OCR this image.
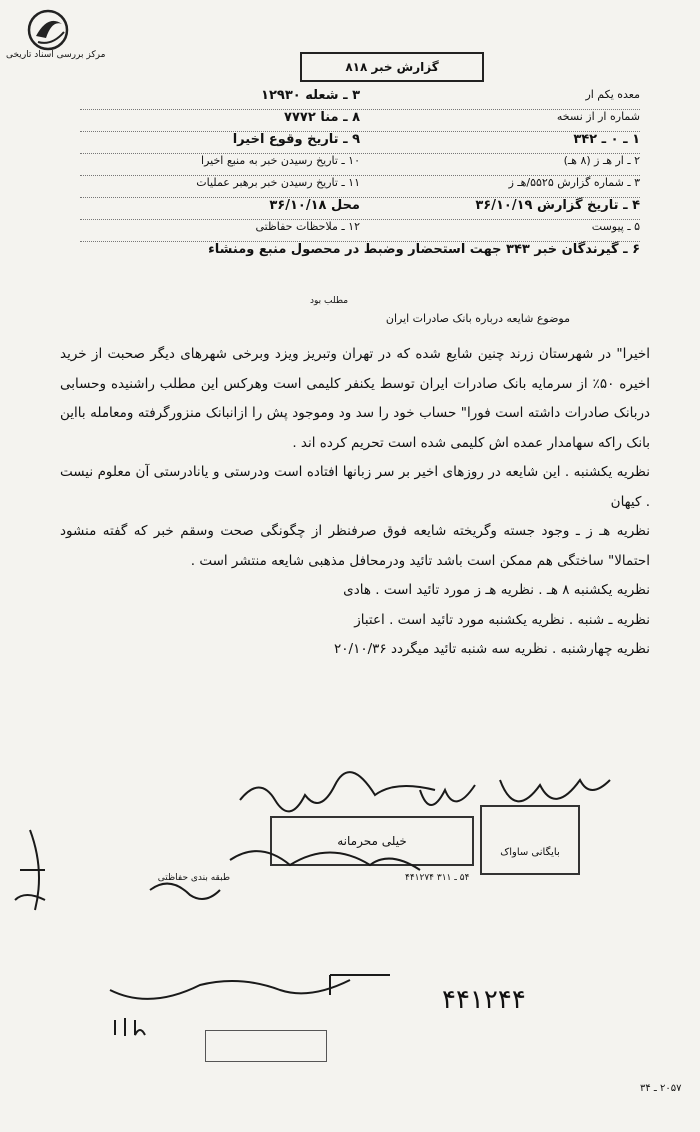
مرکز بررسی اسناد تاریخی
گزارش خبر ۸۱۸
معده یکم ار
۳ ـ شعله ۱۲۹۳۰
شماره ار از نسخه
۸ ـ منا ۷۷۷۲
۱ ـ ۰ ـ ۳۴۲
۹ ـ تاریخ وقوع اخیرا
۲ ـ ار هـ ز (۸ هـ)
۱۰ ـ تاریخ رسیدن خبر به منبع اخیرا
۳ ـ شماره گزارش ۵۵۲۵/هـ ز
۱۱ ـ تاریخ رسیدن خبر برهبر عملیات
۴ ـ تاریخ گزارش ۳۶/۱۰/۱۹
محل ۳۶/۱۰/۱۸
۵ ـ پیوست
۱۲ ـ ملاحظات حفاظتی
۶ ـ گیرندگان خبر ۳۴۳ جهت استحضار وضبط در محصول منبع ومنشاء
مطلب بود
موضوع شایعه درباره بانک صادرات ایران
اخیرا" در شهرستان زرند چنین شایع شده که در تهران وتبریز ویزد وبرخی شهرهای دیگر صحبت از خرید اخیره ۵۰٪ از سرمایه بانک صادرات ایران توسط یکنفر کلیمی است وهرکس این مطلب راشنیده وحسابی دربانک صادرات داشته است فورا" حساب خود را سد ود وموجود پش را ازانبانک منزورگرفته ومعامله بااین بانک راکه سهامدار عمده اش کلیمی شده است تحریم کرده اند .
نظریه یکشنبه . این شایعه در روزهای اخیر بر سر زبانها افتاده است ودرستی و یانادرستی آن معلوم نیست . کیهان
نظریه هـ ز ـ وجود جسته وگریخته شایعه فوق صرفنظر از چگونگی صحت وسقم خبر که گفته منشود احتمالا" ساختگی هم ممکن است باشد تائید ودرمحافل مذهبی شایعه منتشر است .
نظریه یکشنبه ۸ هـ . نظریه هـ ز مورد تائید است . هادی
نظریه ـ شنبه . نظریه یکشنبه مورد تائید است . اعتباز
نظریه چهارشنبه . نظریه سه شنبه تائید میگردد ۲۰/۱۰/۳۶
خیلی محرمانه
بایگانی ساواک
طبقه بندی حفاظتی	۵۴ ـ ۳۱۱ ۴۴۱۲۷۴
۴۴۱۲۴۴
۲۰۵۷ ـ ۳۴
